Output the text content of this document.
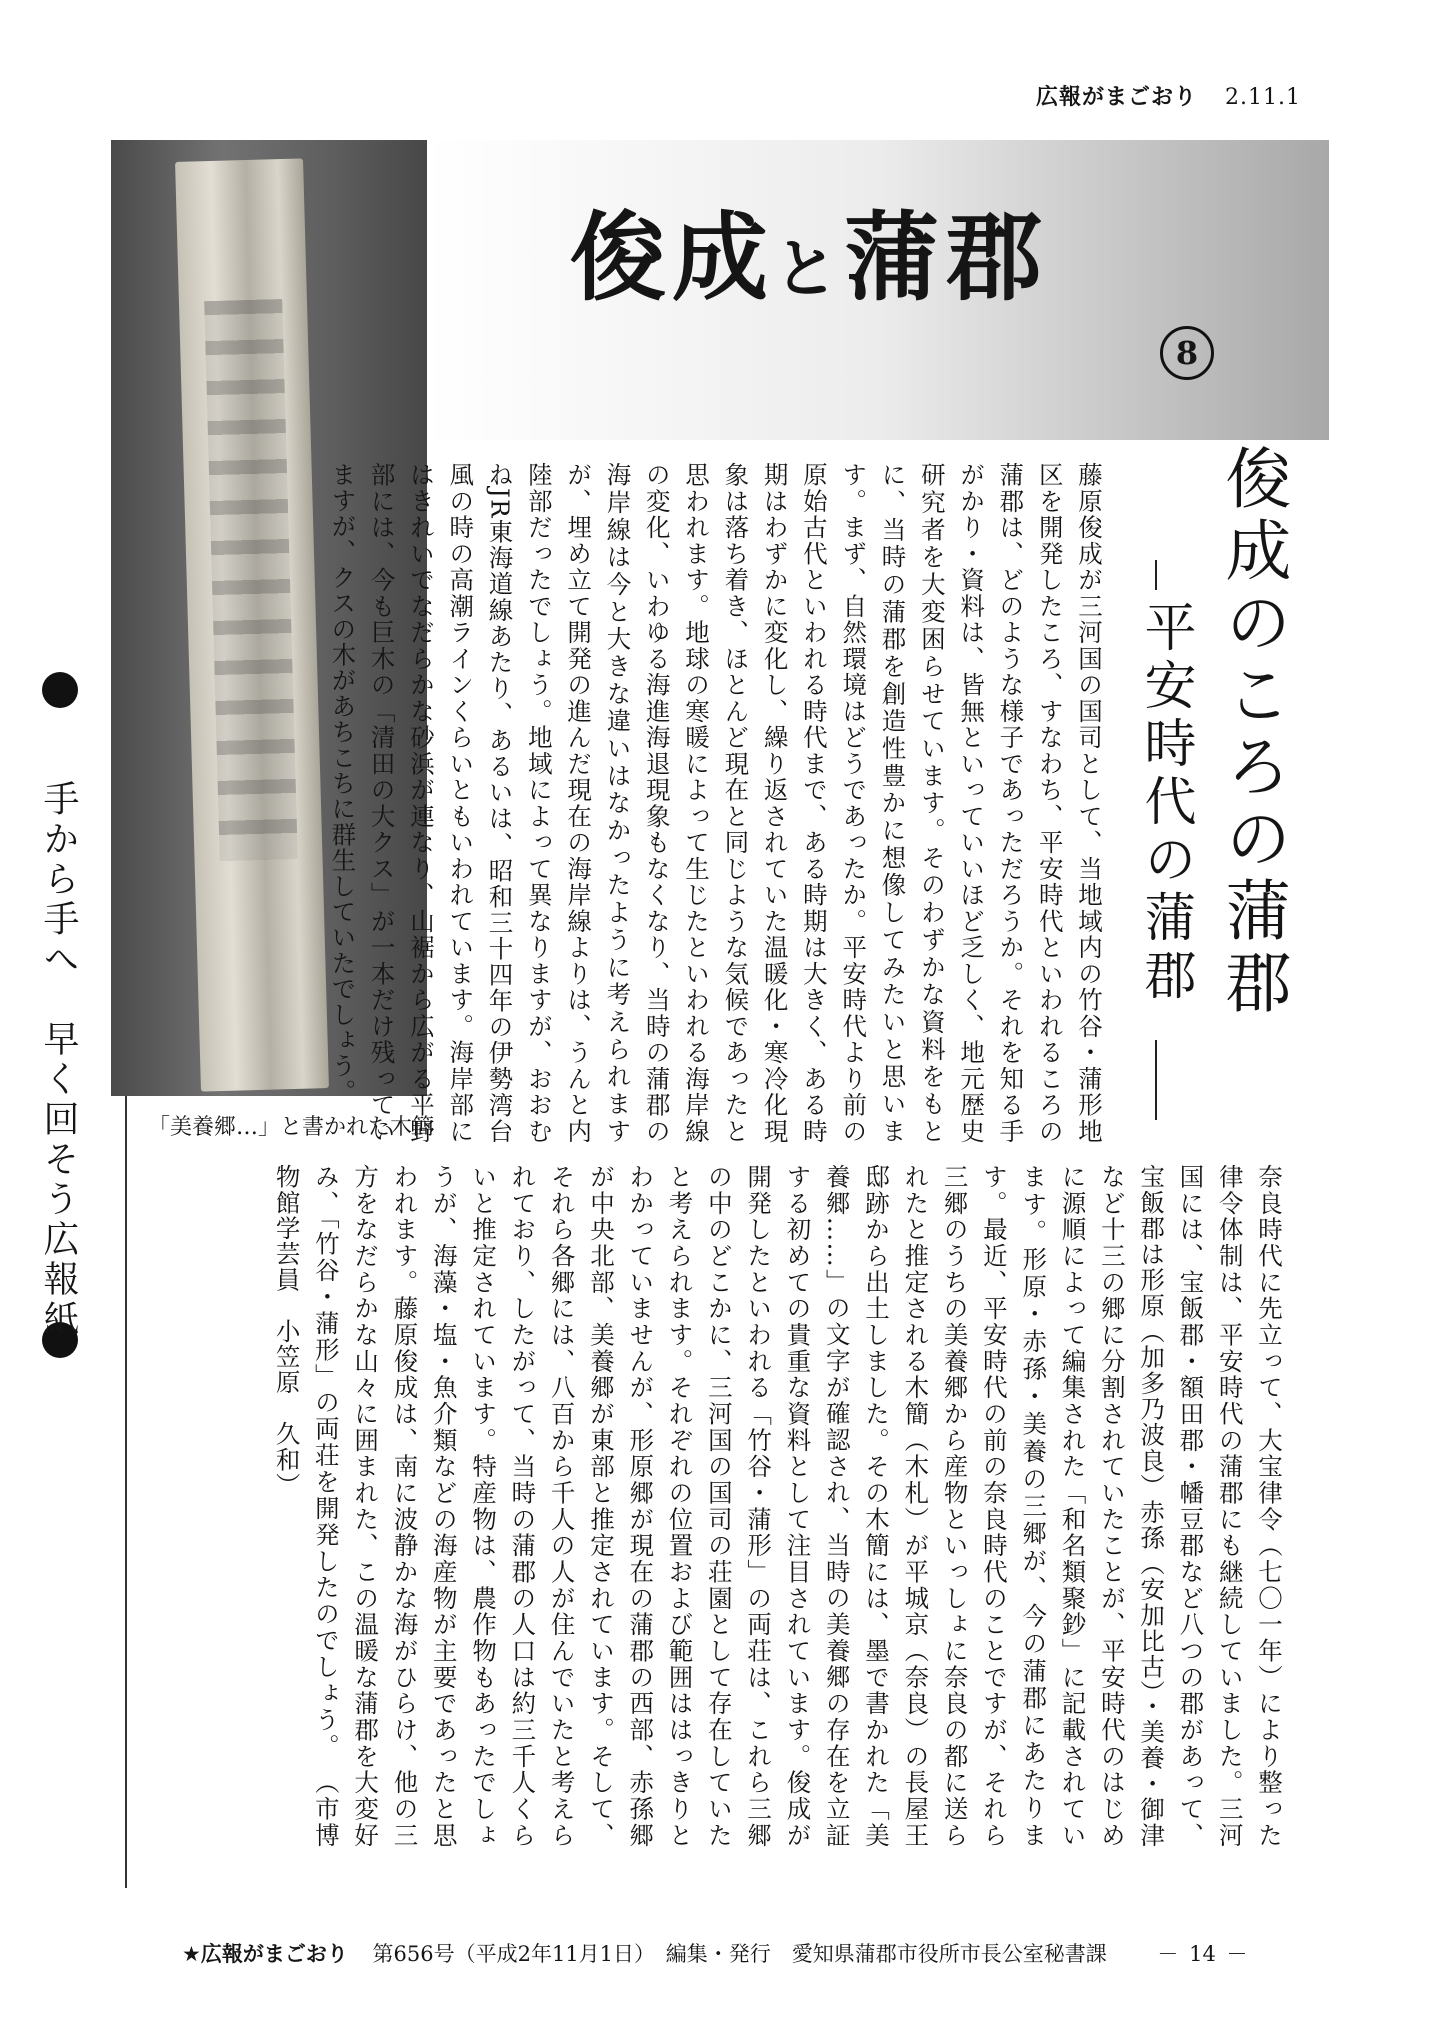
広報がまごおり 2.11.1
手から手へ　早く回そう広報紙	「美養郷…」と書かれた木簡
俊成と蒲郡
8
俊成のころの蒲郡
平安時代の蒲郡
藤原俊成が三河国の国司として、当地域内の竹谷・蒲形地区を開発したころ、すなわち、平安時代といわれるころの蒲郡は、どのような様子であっただろうか。それを知る手がかり・資料は、皆無といっていいほど乏しく、地元歴史研究者を大変困らせています。そのわずかな資料をもとに、当時の蒲郡を創造性豊かに想像してみたいと思います。まず、自然環境はどうであったか。平安時代より前の原始古代といわれる時代まで、ある時期は大きく、ある時期はわずかに変化し、繰り返されていた温暖化・寒冷化現象は落ち着き、ほとんど現在と同じような気候であったと思われます。地球の寒暖によって生じたといわれる海岸線の変化、いわゆる海進海退現象もなくなり、当時の蒲郡の海岸線は今と大きな違いはなかったように考えられますが、埋め立て開発の進んだ現在の海岸線よりは、うんと内陸部だったでしょう。地域によって異なりますが、おおむねJR東海道線あたり、あるいは、昭和三十四年の伊勢湾台風の時の高潮ラインくらいともいわれています。海岸部にはきれいでなだらかな砂浜が連なり、山裾から広がる平野部には、今も巨木の「清田の大クス」が一本だけ残っていますが、クスの木があちこちに群生していたでしょう。
奈良時代に先立って、大宝律令（七〇一年）により整った律令体制は、平安時代の蒲郡にも継続していました。三河国には、宝飯郡・額田郡・幡豆郡など八つの郡があって、宝飯郡は形原（加多乃波良）赤孫（安加比古）・美養・御津など十三の郷に分割されていたことが、平安時代のはじめに源順によって編集された「和名類聚鈔」に記載されています。形原・赤孫・美養の三郷が、今の蒲郡にあたります。最近、平安時代の前の奈良時代のことですが、それら三郷のうちの美養郷から産物といっしょに奈良の都に送られたと推定される木簡（木札）が平城京（奈良）の長屋王邸跡から出土しました。その木簡には、墨で書かれた「美養郷……」の文字が確認され、当時の美養郷の存在を立証する初めての貴重な資料として注目されています。俊成が開発したといわれる「竹谷・蒲形」の両荘は、これら三郷の中のどこかに、三河国の国司の荘園として存在していたと考えられます。それぞれの位置および範囲ははっきりとわかっていませんが、形原郷が現在の蒲郡の西部、赤孫郷が中央北部、美養郷が東部と推定されています。そして、それら各郷には、八百から千人の人が住んでいたと考えられており、したがって、当時の蒲郡の人口は約三千人くらいと推定されています。特産物は、農作物もあったでしょうが、海藻・塩・魚介類などの海産物が主要であったと思われます。藤原俊成は、南に波静かな海がひらけ、他の三方をなだらかな山々に囲まれた、この温暖な蒲郡を大変好み、「竹谷・蒲形」の両荘を開発したのでしょう。 （市博物館学芸員　小笠原　久和）
★広報がまごおり 第656号（平成2年11月1日） 編集・発行　愛知県蒲郡市役所市長公室秘書課 － 14 －
